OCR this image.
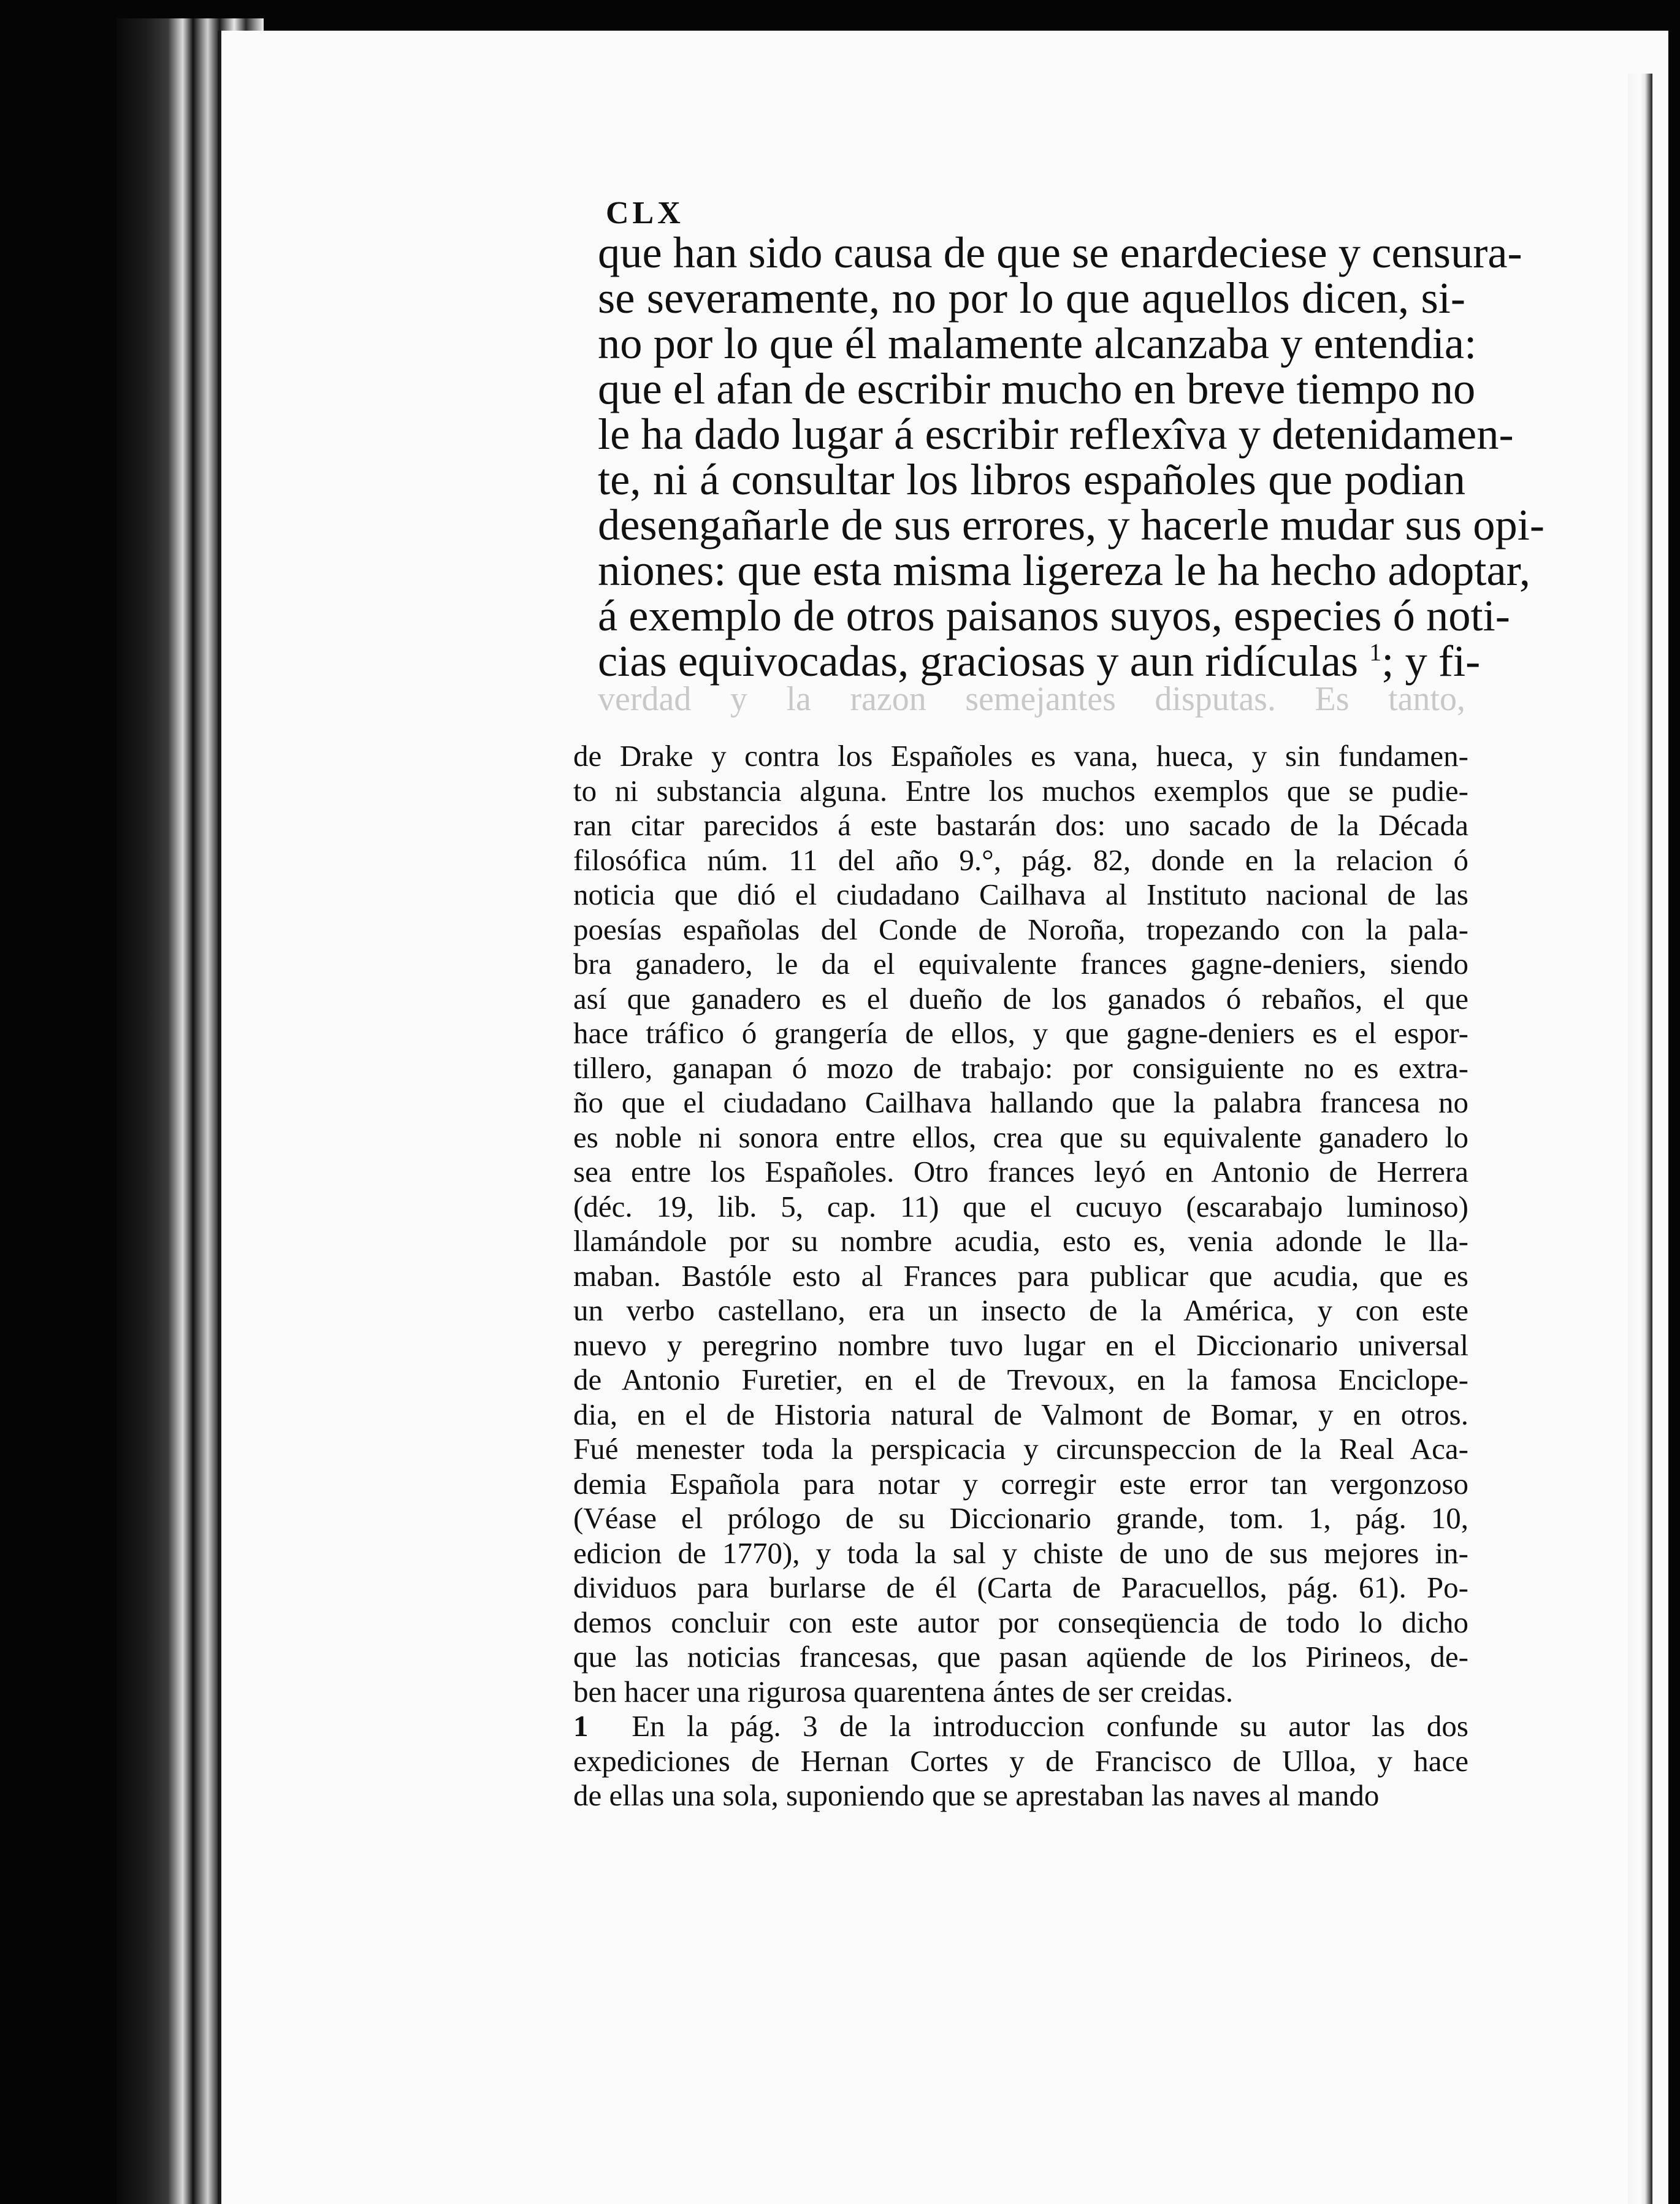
CLX
que han sido causa de que se enardeciese y censura-
se severamente, no por lo que aquellos dicen, si-
no por lo que él malamente alcanzaba y entendia:
que el afan de escribir mucho en breve tiempo no
le ha dado lugar á escribir reflexîva y detenidamen-
te, ni á consultar los libros españoles que podian
desengañarle de sus errores, y hacerle mudar sus opi-
niones: que esta misma ligereza le ha hecho adoptar,
á exemplo de otros paisanos suyos, especies ó noti-
cias equivocadas, graciosas y aun ridículas $^1$; y fi-
verdad y la razon semejantes disputas. Es tanto,
de Drake y contra los Españoles es vana, hueca, y sin fundamen-
to ni substancia alguna. Entre los muchos exemplos que se pudie-
ran citar parecidos á este bastarán dos: uno sacado de la Década
filosófica núm. 11 del año 9.°, pág. 82, donde en la relacion ó
noticia que dió el ciudadano Cailhava al Instituto nacional de las
poesías españolas del Conde de Noroña, tropezando con la pala-
bra ganadero, le da el equivalente frances gagne-deniers, siendo
así que ganadero es el dueño de los ganados ó rebaños, el que
hace tráfico ó grangería de ellos, y que gagne-deniers es el espor-
tillero, ganapan ó mozo de trabajo: por consiguiente no es extra-
ño que el ciudadano Cailhava hallando que la palabra francesa no
es noble ni sonora entre ellos, crea que su equivalente ganadero lo
sea entre los Españoles. Otro frances leyó en Antonio de Herrera
(déc. 19, lib. 5, cap. 11) que el cucuyo (escarabajo luminoso)
llamándole por su nombre acudia, esto es, venia adonde le lla-
maban. Bastóle esto al Frances para publicar que acudia, que es
un verbo castellano, era un insecto de la América, y con este
nuevo y peregrino nombre tuvo lugar en el Diccionario universal
de Antonio Furetier, en el de Trevoux, en la famosa Enciclope-
dia, en el de Historia natural de Valmont de Bomar, y en otros.
Fué menester toda la perspicacia y circunspeccion de la Real Aca-
demia Española para notar y corregir este error tan vergonzoso
(Véase el prólogo de su Diccionario grande, tom. 1, pág. 10,
edicion de 1770), y toda la sal y chiste de uno de sus mejores in-
dividuos para burlarse de él (Carta de Paracuellos, pág. 61). Po-
demos concluir con este autor por conseqüencia de todo lo dicho
que las noticias francesas, que pasan aqüende de los Pirineos, de-
ben hacer una rigurosa quarentena ántes de ser creidas.
1 En la pág. 3 de la introduccion confunde su autor las dos
expediciones de Hernan Cortes y de Francisco de Ulloa, y hace
de ellas una sola, suponiendo que se aprestaban las naves al mando
